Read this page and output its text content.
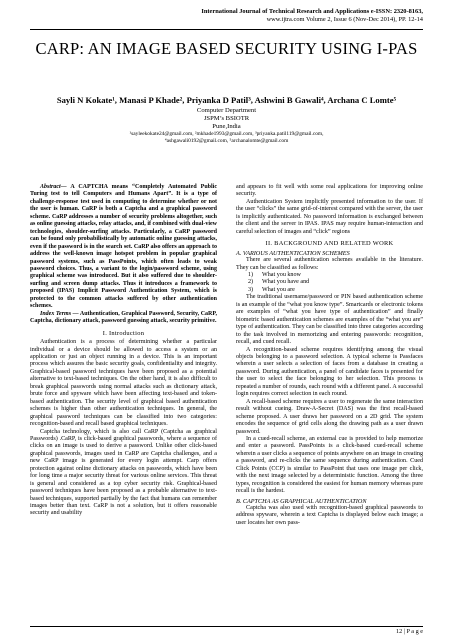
International Journal of Technical Research and Applications e-ISSN: 2320-8163,
www.ijtra.com Volume 2, Issue 6 (Nov-Dec 2014), PP. 12-14
CARP: AN IMAGE BASED SECURITY USING I-PAS
Sayli N Kokate¹, Manasi P Khade², Priyanka D Patil³, Ashwini B Gawali⁴, Archana C Lomte⁵
Computer Department
JSPM’s BSIOTR
Pune,India
¹saylеekokate24@gmail.com, ²mkhade1993@gmail.com, ³priyanka.patil119@gmail.com,
⁴ashgawali0192@gmail.com, ⁵archanalomte@gmail.com

Abstract— A CAPTCHA means “Completely Automated Public Turing test to tell Computers and Humans Apart”. It is a type of challenge-response test used in computing to determine whether or not the user is human. CaRP is both a Captcha and a graphical password scheme. CaRP addresses a number of security problems altogether, such as online guessing attacks, relay attacks, and, if combined with dual-view technologies, shoulder-surfing attacks. Particularly, a CaRP password can be found only probabilistically by automatic online guessing attacks, even if the password is in the search set. CaRP also offers an approach to address the well-known image hotspot problem in popular graphical password systems, such as PassPoints, which often leads to weak password choices. Thus, a variant to the login/password scheme, using graphical scheme was introduced. But it also suffered due to shoulder-surfing and screen dump attacks. Thus it introduces a framework to proposed (IPAS) Implicit Password Authentication System, which is protected to the common attacks suffered by other authentication schemes.

Index Terms — Authentication, Graphical Password, Security, CaRP, Captcha, dictionary attack, password guessing attack, security primitive.

I. Introduction

Authentication is a process of determining whether a particular individual or a device should be allowed to access a system or an application or just an object running in a device. This is an important process which assures the basic security goals, confidentiality and integrity. Graphical-based password techniques have been proposed as a potential alternative to text-based techniques. On the other hand, it is also difficult to break graphical passwords using normal attacks such as dictionary attack, brute force and spyware which have been affecting text-based and token-based authentication. The security level of graphical based authentication schemes is higher than other authentication techniques. In general, the graphical password techniques can be classified into two categories: recognition-based and recall based graphical techniques.

Captcha technology, which is also call CaRP (Captcha as graphical Passwords) .CaRP, is click-based graphical passwords, where a sequence of clicks on an image is used to derive a password. Unlike other click-based graphical passwords, images used in CaRP are Captcha challenges, and a new CaRP image is generated for every login attempt. Carp offers protection against online dictionary attacks on passwords, which have been for long time a major security threat for various online services. This threat is general and considered as a top cyber security risk. Graphical-based password techniques have been proposed as a probable alternative to text-based techniques, supported partially by the fact that humans can remember images better than text. CaRP is not a solution, but it offers reasonable security and usability

and appears to fit well with some real applications for improving online security.

Authentication System implicitly presented information to the user. If the user “clicks” the same grid-of-interest compared with the server, the user is implicitly authenticated. No password information is exchanged between the client and the server in IPAS. IPAS may require human-interaction and careful selection of images and “click” regions

II. BACKGROUND AND RELATED WORK
A. VARIOUS AUTHENTICATION SCHEMES

There are several authentication schemes available in the literature. They can be classified as follows:

1) What you know
2) What you have and
3) What you are

The traditional username/password or PIN based authentication scheme is an example of the “what you know type”. Smartcards or electronic tokens are examples of “what you have type of authentication” and finally biometric based authentication schemes are examples of the “what you are” type of authentication. They can be classified into three categories according to the task involved in memorizing and entering passwords: recognition, recall, and cued recall.

A recognition-based scheme requires identifying among the visual objects belonging to a password selection. A typical scheme is Passfaces wherein a user selects a selection of faces from a database in creating a password. During authentication, a panel of candidate faces is presented for the user to select the face belonging to her selection. This process is repeated a number of rounds, each round with a different panel. A successful login requires correct selection in each round.

A recall-based scheme requires a user to regenerate the same interaction result without cueing. Draw-A-Secret (DAS) was the first recall-based scheme proposed. A user draws her password on a 2D grid. The system encodes the sequence of grid cells along the drawing path as a user drawn password.

In a cued-recall scheme, an external cue is provided to help memorize and enter a password. PassPoints is a click-based cued-recall scheme wherein a user clicks a sequence of points anywhere on an image in creating a password, and re-clicks the same sequence during authentication. Cued Click Points (CCP) is similar to PassPoint that uses one image per click, with the next image selected by a deterministic function. Among the three types, recognition is considered the easiest for human memory whereas pure recall is the hardest.

B. CAPTCHA AS GRAPHICAL AUTHENTICATION

Captcha was also used with recognition-based graphical passwords to address spyware, wherein a text Captcha is displayed below each image; a user locates her own pass-

12 | P a g e
